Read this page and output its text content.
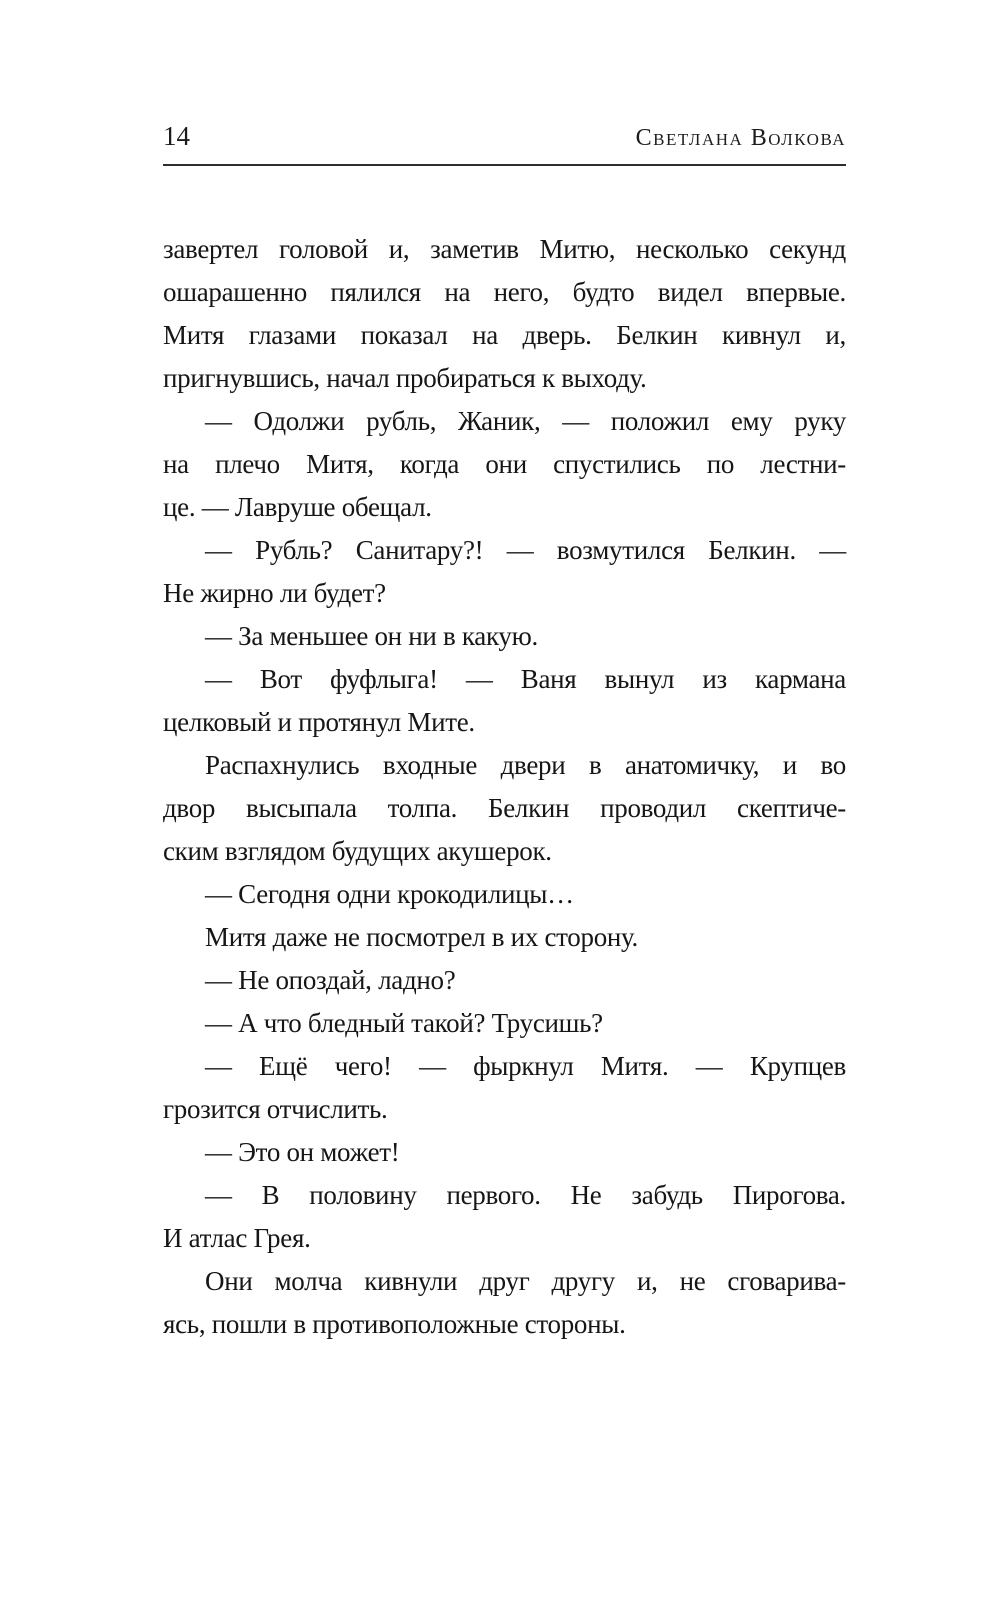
14	Светлана Волкова
завертел головой и, заметив Митю, несколько секунд
ошарашенно пялился на него, будто видел впервые.
Митя глазами показал на дверь. Белкин кивнул и,
пригнувшись, начал пробираться к выходу.
— Одолжи рубль, Жаник, — положил ему руку
на плечо Митя, когда они спустились по лестни-
це. — Лавруше обещал.
— Рубль? Санитару?! — возмутился Белкин. —
Не жирно ли будет?
— За меньшее он ни в какую.
— Вот фуфлыга! — Ваня вынул из кармана
целковый и протянул Мите.
Распахнулись входные двери в анатомичку, и во
двор высыпала толпа. Белкин проводил скептиче-
ским взглядом будущих акушерок.
— Сегодня одни крокодилицы…
Митя даже не посмотрел в их сторону.
— Не опоздай, ладно?
— А что бледный такой? Трусишь?
— Ещё чего! — фыркнул Митя. — Крупцев
грозится отчислить.
— Это он может!
— В половину первого. Не забудь Пирогова.
И атлас Грея.
Они молча кивнули друг другу и, не сговарива-
ясь, пошли в противоположные стороны.
